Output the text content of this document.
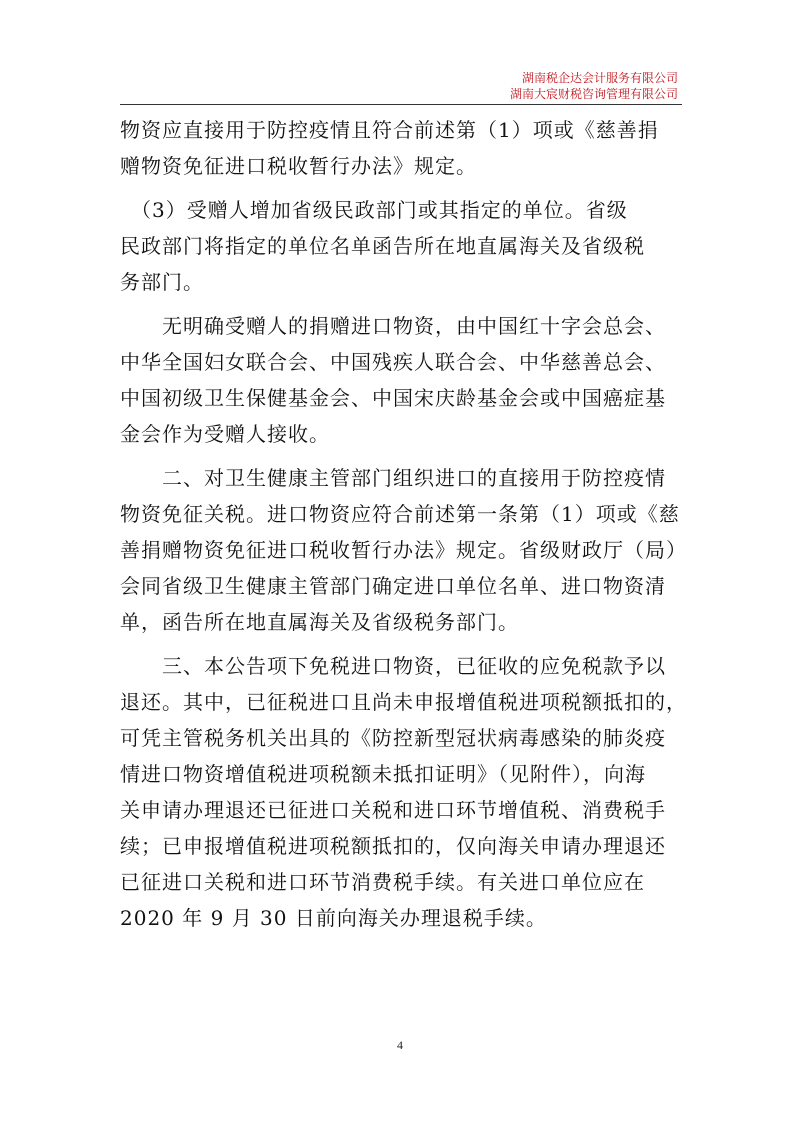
湖南税企达会计服务有限公司
湖南大宸财税咨询管理有限公司
物资应直接用于防控疫情且符合前述第（1）项或《慈善捐
赠物资免征进口税收暂行办法》规定。
　（3）受赠人增加省级民政部门或其指定的单位。省级
民政部门将指定的单位名单函告所在地直属海关及省级税
务部门。
　　无明确受赠人的捐赠进口物资，由中国红十字会总会、
中华全国妇女联合会、中国残疾人联合会、中华慈善总会、
中国初级卫生保健基金会、中国宋庆龄基金会或中国癌症基
金会作为受赠人接收。
　　二、对卫生健康主管部门组织进口的直接用于防控疫情
物资免征关税。进口物资应符合前述第一条第（1）项或《慈
善捐赠物资免征进口税收暂行办法》规定。省级财政厅（局）
会同省级卫生健康主管部门确定进口单位名单、进口物资清
单，函告所在地直属海关及省级税务部门。
　　三、本公告项下免税进口物资，已征收的应免税款予以
退还。其中，已征税进口且尚未申报增值税进项税额抵扣的，
可凭主管税务机关出具的《防控新型冠状病毒感染的肺炎疫
情进口物资增值税进项税额未抵扣证明》（见附件），向海
关申请办理退还已征进口关税和进口环节增值税、消费税手
续；已申报增值税进项税额抵扣的，仅向海关申请办理退还
已征进口关税和进口环节消费税手续。有关进口单位应在
2020 年 9 月 30 日前向海关办理退税手续。
4
